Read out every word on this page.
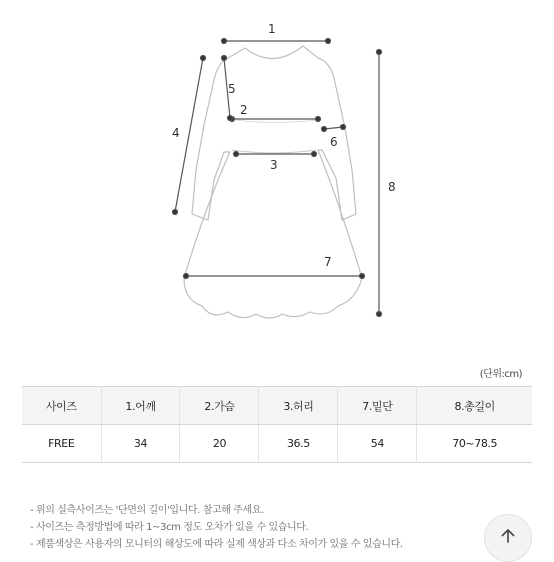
1
2
3
4
5
6
7
8
(단위:cm)
사이즈	1.어깨	2.가슴	3.허리	7.밑단	8.총길이
FREE	34	20	36.5	54	70~78.5
- 위의 실측사이즈는 '단면의 길이'입니다. 참고해 주세요.
- 사이즈는 측정방법에 따라 1~3cm 정도 오차가 있을 수 있습니다.
- 제품색상은 사용자의 모니터의 해상도에 따라 실제 색상과 다소 차이가 있을 수 있습니다.
